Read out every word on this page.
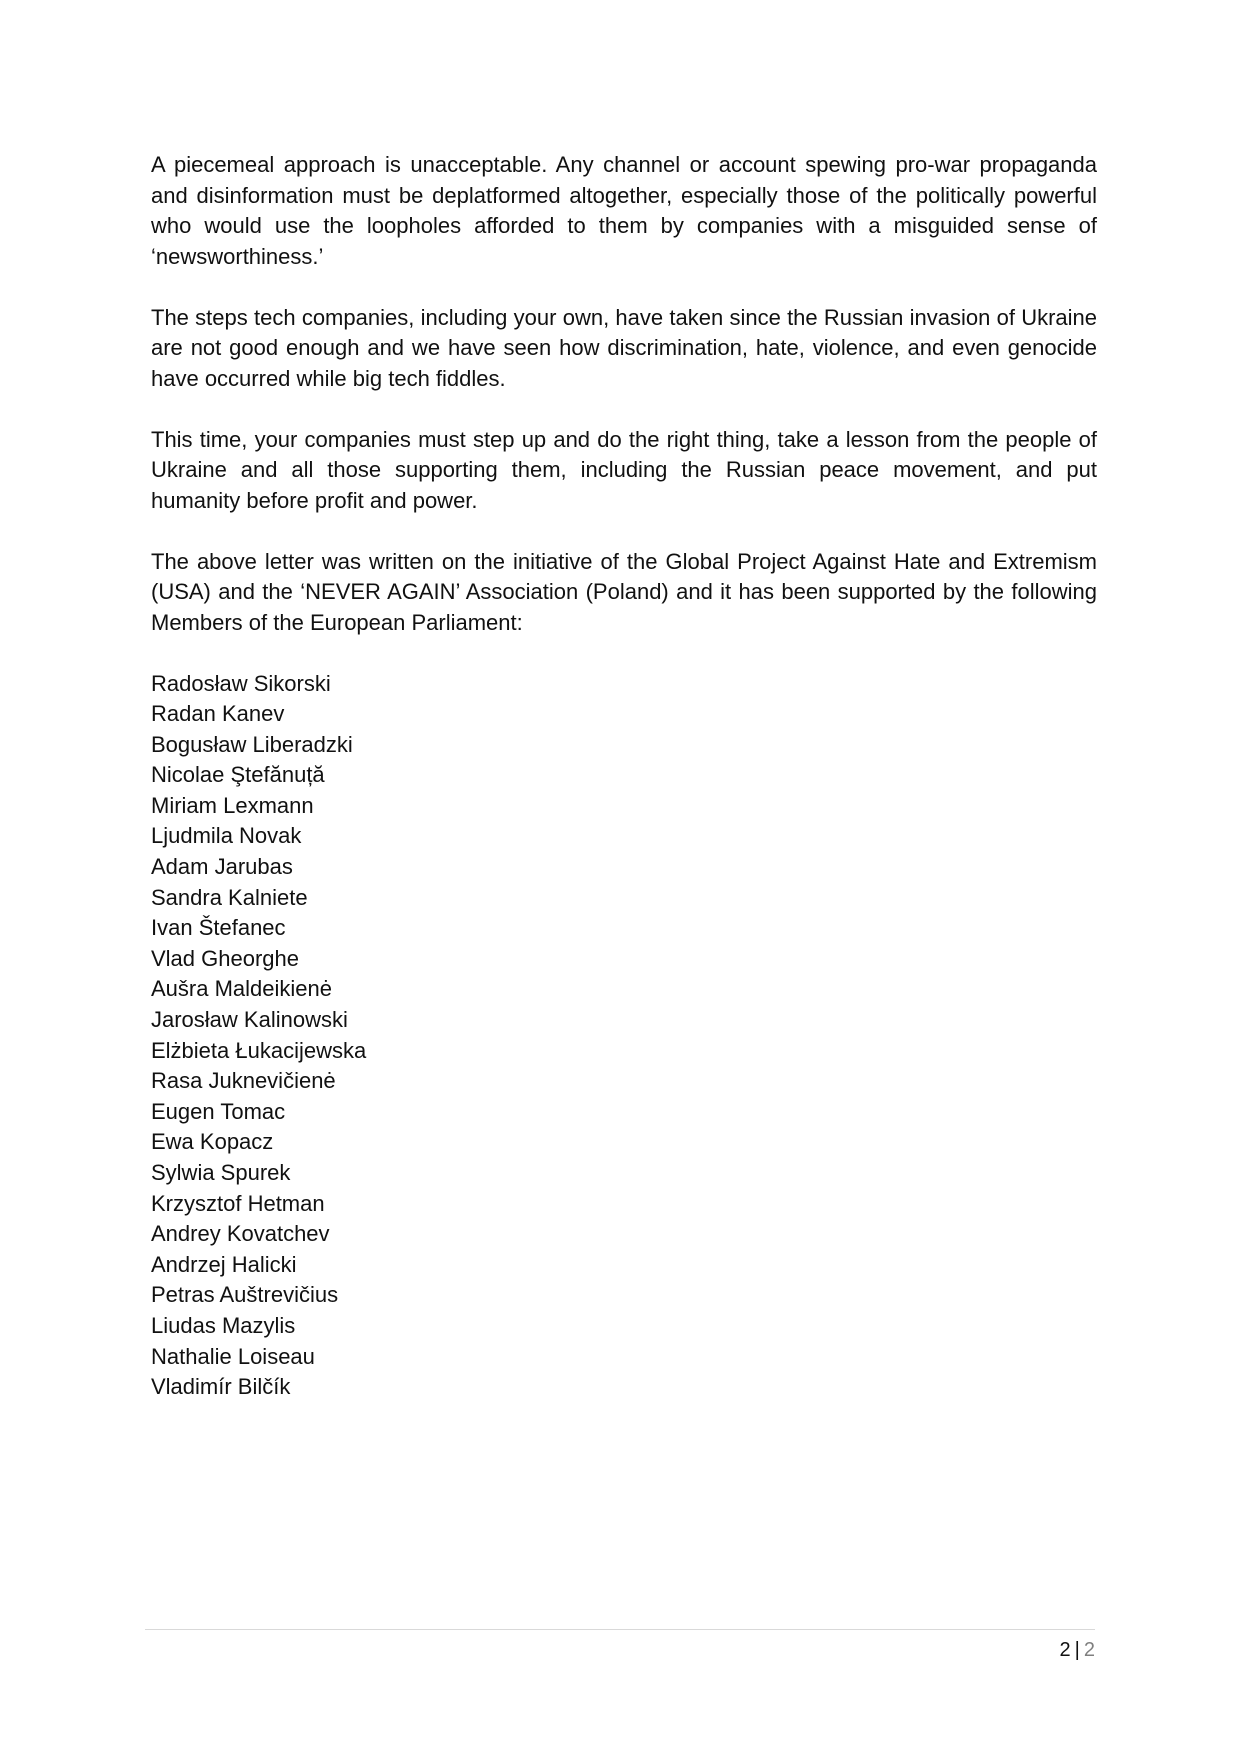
A piecemeal approach is unacceptable. Any channel or account spewing pro-war propaganda and disinformation must be deplatformed altogether, especially those of the politically powerful who would use the loopholes afforded to them by companies with a misguided sense of ‘newsworthiness.’

The steps tech companies, including your own, have taken since the Russian invasion of Ukraine are not good enough and we have seen how discrimination, hate, violence, and even genocide have occurred while big tech fiddles.

This time, your companies must step up and do the right thing, take a lesson from the people of Ukraine and all those supporting them, including the Russian peace movement, and put humanity before profit and power.

The above letter was written on the initiative of the Global Project Against Hate and Extremism (USA) and the ‘NEVER AGAIN’ Association (Poland) and it has been supported by the following Members of the European Parliament:

Radosław Sikorski
Radan Kanev
Bogusław Liberadzki
Nicolae Ştefănuță
Miriam Lexmann
Ljudmila Novak
Adam Jarubas
Sandra Kalniete
Ivan Štefanec
Vlad Gheorghe
Aušra Maldeikienė
Jarosław Kalinowski
Elżbieta Łukacijewska
Rasa Juknevičienė
Eugen Tomac
Ewa Kopacz
Sylwia Spurek
Krzysztof Hetman
Andrey Kovatchev
Andrzej Halicki
Petras Auštrevičius
Liudas Mazylis
Nathalie Loiseau
Vladimír Bilčík
2 | 2
